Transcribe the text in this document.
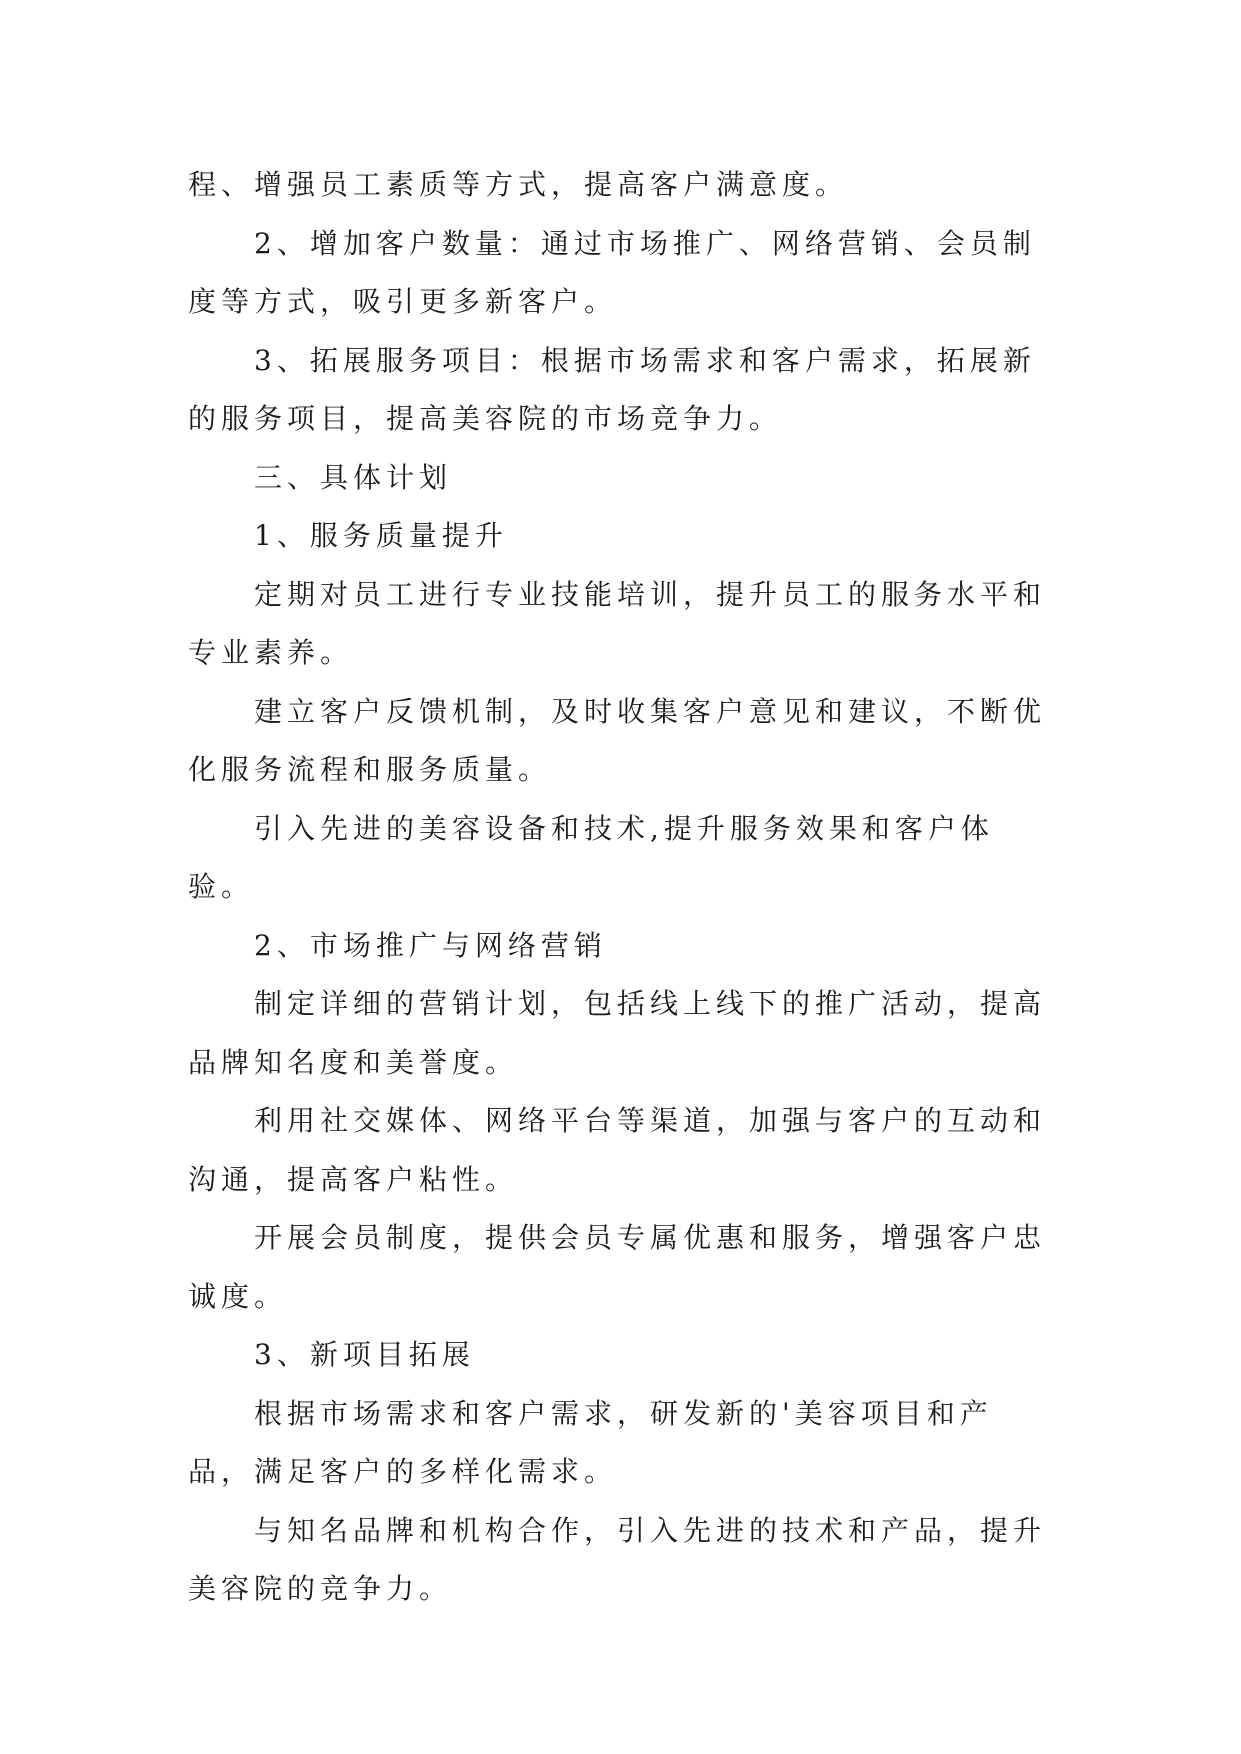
程、增强员工素质等方式，提高客户满意度。

2、增加客户数量：通过市场推广、网络营销、会员制度等方式，吸引更多新客户。

3、拓展服务项目：根据市场需求和客户需求，拓展新的服务项目，提高美容院的市场竞争力。

三、具体计划

1、服务质量提升

定期对员工进行专业技能培训，提升员工的服务水平和专业素养。

建立客户反馈机制，及时收集客户意见和建议，不断优化服务流程和服务质量。

引入先进的美容设备和技术,提升服务效果和客户体验。

2、市场推广与网络营销

制定详细的营销计划，包括线上线下的推广活动，提高品牌知名度和美誉度。

利用社交媒体、网络平台等渠道，加强与客户的互动和沟通，提高客户粘性。

开展会员制度，提供会员专属优惠和服务，增强客户忠诚度。

3、新项目拓展

根据市场需求和客户需求，研发新的'美容项目和产品，满足客户的多样化需求。

与知名品牌和机构合作，引入先进的技术和产品，提升美容院的竞争力。
